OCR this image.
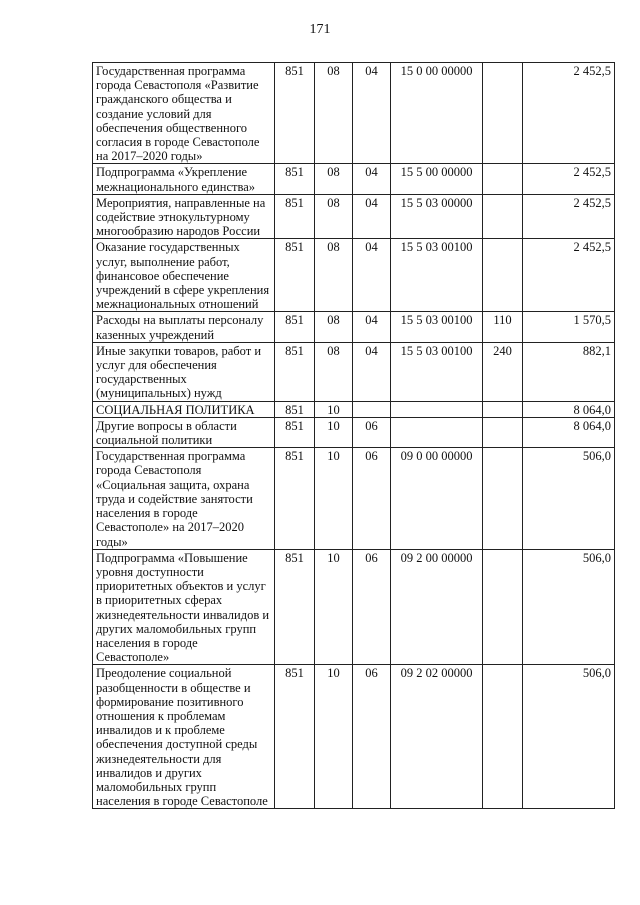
171
Государственная программа города Севастополя «Развитие гражданского общества и создание условий для обеспечения общественного согласия в городе Севастополе на 2017–2020 годы»	851	08	04	15 0 00 00000		2 452,5
Подпрограмма «Укрепление межнационального единства»	851	08	04	15 5 00 00000		2 452,5
Мероприятия, направленные на содействие этнокультурному многообразию народов России	851	08	04	15 5 03 00000		2 452,5
Оказание государственных услуг, выполнение работ, финансовое обеспечение учреждений в сфере укрепления межнациональных отношений	851	08	04	15 5 03 00100		2 452,5
Расходы на выплаты персоналу казенных учреждений	851	08	04	15 5 03 00100	110	1 570,5
Иные закупки товаров, работ и услуг для обеспечения государственных (муниципальных) нужд	851	08	04	15 5 03 00100	240	882,1
СОЦИАЛЬНАЯ ПОЛИТИКА	851	10				8 064,0
Другие вопросы в области социальной политики	851	10	06			8 064,0
Государственная программа города Севастополя «Социальная защита, охрана труда и содействие занятости населения в городе Севастополе» на 2017–2020 годы»	851	10	06	09 0 00 00000		506,0
Подпрограмма «Повышение уровня доступности приоритетных объектов и услуг в приоритетных сферах жизнедеятельности инвалидов и других маломобильных групп населения в городе Севастополе»	851	10	06	09 2 00 00000		506,0
Преодоление социальной разобщенности в обществе и формирование позитивного отношения к проблемам инвалидов и к проблеме обеспечения доступной среды жизнедеятельности для инвалидов и других маломобильных групп населения в городе Севастополе	851	10	06	09 2 02 00000		506,0
